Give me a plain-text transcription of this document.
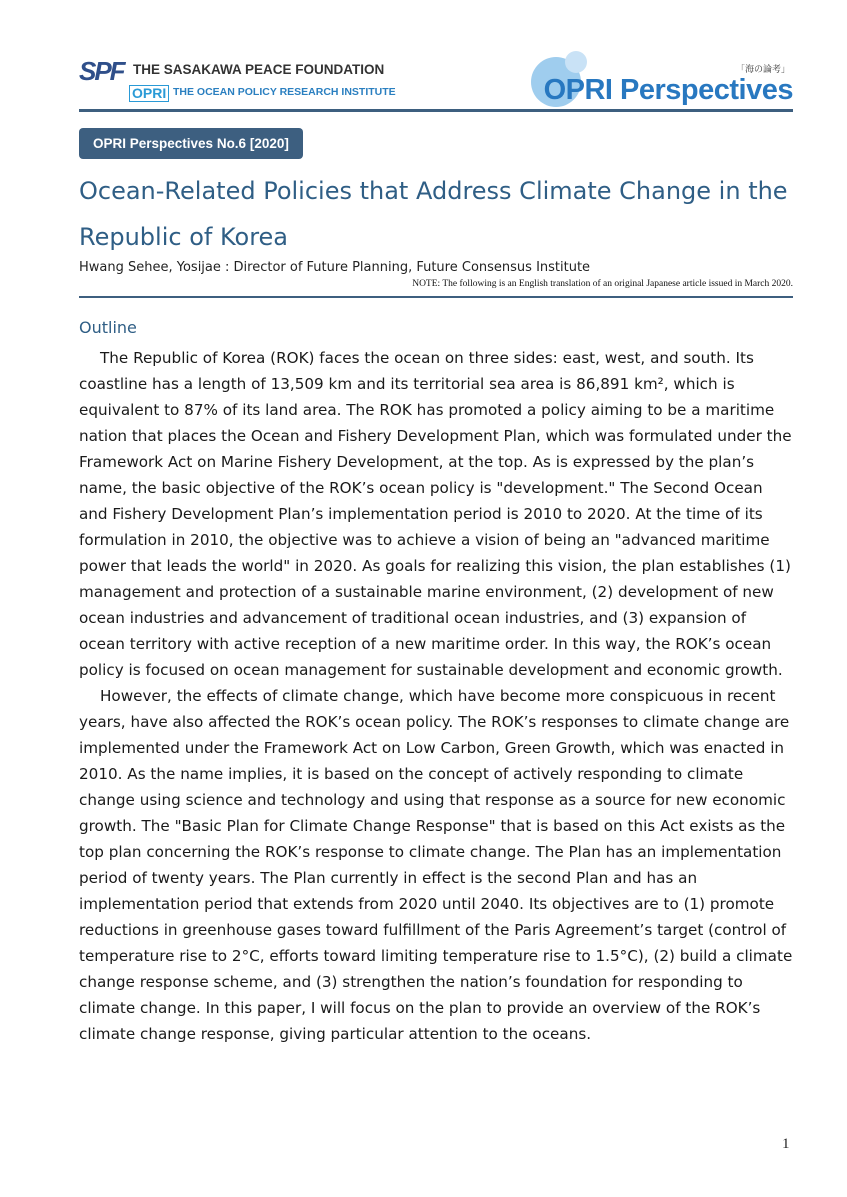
SPF THE SASAKAWA PEACE FOUNDATION
OPRI THE OCEAN POLICY RESEARCH INSTITUTE
「海の論考」
OPRI Perspectives
OPRI Perspectives No.6 [2020]
Ocean-Related Policies that Address Climate Change in the Republic of Korea
Hwang Sehee, Yosijae : Director of Future Planning, Future Consensus Institute
NOTE: The following is an English translation of an original Japanese article issued in March 2020.
Outline

The Republic of Korea (ROK) faces the ocean on three sides: east, west, and south. Its coastline has a length of 13,509 km and its territorial sea area is 86,891 km², which is equivalent to 87% of its land area. The ROK has promoted a policy aiming to be a maritime nation that places the Ocean and Fishery Development Plan, which was formulated under the Framework Act on Marine Fishery Development, at the top. As is expressed by the plan’s name, the basic objective of the ROK’s ocean policy is "development." The Second Ocean and Fishery Development Plan’s implementation period is 2010 to 2020. At the time of its formulation in 2010, the objective was to achieve a vision of being an "advanced maritime power that leads the world" in 2020. As goals for realizing this vision, the plan establishes (1) management and protection of a sustainable marine environment, (2) development of new ocean industries and advancement of traditional ocean industries, and (3) expansion of ocean territory with active reception of a new maritime order. In this way, the ROK’s ocean policy is focused on ocean management for sustainable development and economic growth.

However, the effects of climate change, which have become more conspicuous in recent years, have also affected the ROK’s ocean policy. The ROK’s responses to climate change are implemented under the Framework Act on Low Carbon, Green Growth, which was enacted in 2010. As the name implies, it is based on the concept of actively responding to climate change using science and technology and using that response as a source for new economic growth. The "Basic Plan for Climate Change Response" that is based on this Act exists as the top plan concerning the ROK’s response to climate change. The Plan has an implementation period of twenty years. The Plan currently in effect is the second Plan and has an implementation period that extends from 2020 until 2040. Its objectives are to (1) promote reductions in greenhouse gases toward fulfillment of the Paris Agreement’s target (control of temperature rise to 2°C, efforts toward limiting temperature rise to 1.5°C), (2) build a climate change response scheme, and (3) strengthen the nation’s foundation for responding to climate change. In this paper, I will focus on the plan to provide an overview of the ROK’s climate change response, giving particular attention to the oceans.

1
